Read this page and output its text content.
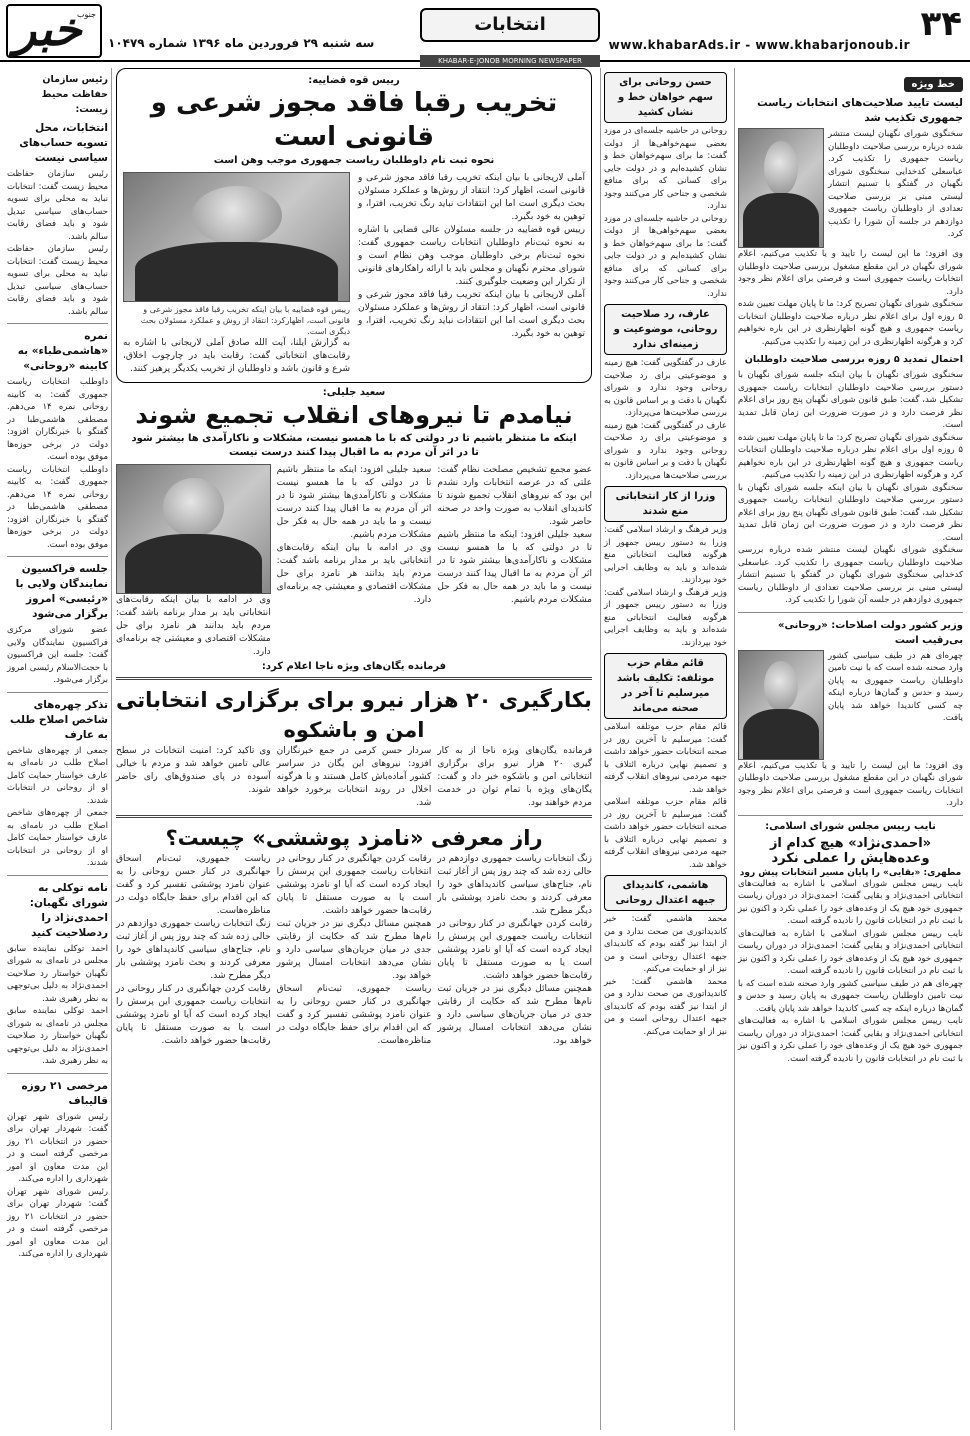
خبر
جنوب
سه شنبه ۲۹ فروردین ماه ۱۳۹۶ شماره ۱۰۴۷۹
انتخابات
KHABAR-E-JONOB MORNING NEWSPAPER
www.khabarAds.ir - www.khabarjonoub.ir
۳۴
خط ویژه
لیست تایید صلاحیت‌های انتخابات ریاست جمهوری تکذیب شد
سخنگوی شورای نگهبان لیست منتشر شده درباره بررسی صلاحیت داوطلبان ریاست جمهوری را تکذیب کرد. عباسعلی کدخدایی سخنگوی شورای نگهبان در گفتگو با تسنیم انتشار لیستی مبنی بر بررسی صلاحیت تعدادی از داوطلبان ریاست جمهوری دوازدهم در جلسه آن شورا را تکذیب کرد.
وی افزود: ما این لیست را تایید و یا تکذیب می‌کنیم، اعلام شورای نگهبان در این مقطع مشغول بررسی صلاحیت داوطلبان انتخابات ریاست جمهوری است و فرصتی برای اعلام نظر وجود دارد.
سخنگوی شورای نگهبان تصریح کرد: ما تا پایان مهلت تعیین شده ۵ روزه اول برای اعلام نظر درباره صلاحیت داوطلبان انتخابات ریاست جمهوری و هیچ گونه اظهارنظری در این باره نخواهیم کرد و هرگونه اظهارنظری در این زمینه را تکذیب می‌کنیم.
احتمال تمدید ۵ روزه بررسی صلاحیت داوطلبان
سخنگوی شورای نگهبان با بیان اینکه جلسه شورای نگهبان با دستور بررسی صلاحیت داوطلبان انتخابات ریاست جمهوری تشکیل شد، گفت: طبق قانون شورای نگهبان پنج روز برای اعلام نظر فرصت دارد و در صورت ضرورت این زمان قابل تمدید است.
سخنگوی شورای نگهبان تصریح کرد: ما تا پایان مهلت تعیین شده ۵ روزه اول برای اعلام نظر درباره صلاحیت داوطلبان انتخابات ریاست جمهوری و هیچ گونه اظهارنظری در این باره نخواهیم کرد و هرگونه اظهارنظری در این زمینه را تکذیب می‌کنیم.
سخنگوی شورای نگهبان با بیان اینکه جلسه شورای نگهبان با دستور بررسی صلاحیت داوطلبان انتخابات ریاست جمهوری تشکیل شد، گفت: طبق قانون شورای نگهبان پنج روز برای اعلام نظر فرصت دارد و در صورت ضرورت این زمان قابل تمدید است.
سخنگوی شورای نگهبان لیست منتشر شده درباره بررسی صلاحیت داوطلبان ریاست جمهوری را تکذیب کرد. عباسعلی کدخدایی سخنگوی شورای نگهبان در گفتگو با تسنیم انتشار لیستی مبنی بر بررسی صلاحیت تعدادی از داوطلبان ریاست جمهوری دوازدهم در جلسه آن شورا را تکذیب کرد.
وزیر کشور دولت اصلاحات: «روحانی» بی‌رقیب است
چهره‌ای هم در طیف سیاسی کشور وارد صحنه شده است که با نیت تامین داوطلبان ریاست جمهوری به پایان رسید و حدس و گمان‌ها درباره اینکه چه کسی کاندیدا خواهد شد پایان یافت.
وی افزود: ما این لیست را تایید و یا تکذیب می‌کنیم، اعلام شورای نگهبان در این مقطع مشغول بررسی صلاحیت داوطلبان انتخابات ریاست جمهوری است و فرصتی برای اعلام نظر وجود دارد.
نایب رییس مجلس شورای اسلامی:
«احمدی‌نژاد» هیچ کدام از وعده‌هایش را عملی نکرد
مطهری: «بقایی» را پایان مسیر انتخابات پیش رود
نایب رییس مجلس شورای اسلامی با اشاره به فعالیت‌های انتخاباتی احمدی‌نژاد و بقایی گفت: احمدی‌نژاد در دوران ریاست جمهوری خود هیچ یک از وعده‌های خود را عملی نکرد و اکنون نیز با ثبت نام در انتخابات قانون را نادیده گرفته است.
نایب رییس مجلس شورای اسلامی با اشاره به فعالیت‌های انتخاباتی احمدی‌نژاد و بقایی گفت: احمدی‌نژاد در دوران ریاست جمهوری خود هیچ یک از وعده‌های خود را عملی نکرد و اکنون نیز با ثبت نام در انتخابات قانون را نادیده گرفته است.
چهره‌ای هم در طیف سیاسی کشور وارد صحنه شده است که با نیت تامین داوطلبان ریاست جمهوری به پایان رسید و حدس و گمان‌ها درباره اینکه چه کسی کاندیدا خواهد شد پایان یافت.
نایب رییس مجلس شورای اسلامی با اشاره به فعالیت‌های انتخاباتی احمدی‌نژاد و بقایی گفت: احمدی‌نژاد در دوران ریاست جمهوری خود هیچ یک از وعده‌های خود را عملی نکرد و اکنون نیز با ثبت نام در انتخابات قانون را نادیده گرفته است.
حسن روحانی برای سهم خواهان خط و نشان کشید
روحانی در حاشیه جلسه‌ای در مورد بعضی سهم‌خواهی‌ها از دولت گفت: ما برای سهم‌خواهان خط و نشان کشیده‌ایم و در دولت جایی برای کسانی که برای منافع شخصی و جناحی کار می‌کنند وجود ندارد.
روحانی در حاشیه جلسه‌ای در مورد بعضی سهم‌خواهی‌ها از دولت گفت: ما برای سهم‌خواهان خط و نشان کشیده‌ایم و در دولت جایی برای کسانی که برای منافع شخصی و جناحی کار می‌کنند وجود ندارد.
عارف، رد صلاحیت روحانی، موضوعیت و زمینه‌ای ندارد
عارف در گفتگویی گفت: هیچ زمینه و موضوعیتی برای رد صلاحیت روحانی وجود ندارد و شورای نگهبان با دقت و بر اساس قانون به بررسی صلاحیت‌ها می‌پردازد.
عارف در گفتگویی گفت: هیچ زمینه و موضوعیتی برای رد صلاحیت روحانی وجود ندارد و شورای نگهبان با دقت و بر اساس قانون به بررسی صلاحیت‌ها می‌پردازد.
وزرا از کار انتخاباتی منع شدند
وزیر فرهنگ و ارشاد اسلامی گفت: وزرا به دستور رییس جمهور از هرگونه فعالیت انتخاباتی منع شده‌اند و باید به وظایف اجرایی خود بپردازند.
وزیر فرهنگ و ارشاد اسلامی گفت: وزرا به دستور رییس جمهور از هرگونه فعالیت انتخاباتی منع شده‌اند و باید به وظایف اجرایی خود بپردازند.
قائم مقام حزب موتلفه: تکلیف باشد میرسلیم تا آخر در صحنه می‌ماند
قائم مقام حزب موتلفه اسلامی گفت: میرسلیم تا آخرین روز در صحنه انتخابات حضور خواهد داشت و تصمیم نهایی درباره ائتلاف با جبهه مردمی نیروهای انقلاب گرفته خواهد شد.
قائم مقام حزب موتلفه اسلامی گفت: میرسلیم تا آخرین روز در صحنه انتخابات حضور خواهد داشت و تصمیم نهایی درباره ائتلاف با جبهه مردمی نیروهای انقلاب گرفته خواهد شد.
هاشمی، کاندیدای جبهه اعتدال روحانی
محمد هاشمی گفت: خبر کاندیداتوری من صحت ندارد و من از ابتدا نیز گفته بودم که کاندیدای جبهه اعتدال روحانی است و من نیز از او حمایت می‌کنم.
محمد هاشمی گفت: خبر کاندیداتوری من صحت ندارد و من از ابتدا نیز گفته بودم که کاندیدای جبهه اعتدال روحانی است و من نیز از او حمایت می‌کنم.
رییس قوه قضاییه:
تخریب رقبا فاقد مجوز شرعی و قانونی است
نحوه ثبت نام داوطلبان ریاست جمهوری موجب وهن است
آملی لاریجانی با بیان اینکه تخریب رقبا فاقد مجوز شرعی و قانونی است، اظهار کرد: انتقاد از روش‌ها و عملکرد مسئولان بحث دیگری است اما این انتقادات نباید رنگ تخریب، افترا، و توهین به خود بگیرد.
رییس قوه قضاییه در جلسه مسئولان عالی قضایی با اشاره به نحوه ثبت‌نام داوطلبان انتخابات ریاست جمهوری گفت: نحوه ثبت‌نام برخی داوطلبان موجب وهن نظام است و شورای محترم نگهبان و مجلس باید با ارائه راهکارهای قانونی از تکرار این وضعیت جلوگیری کنند.
آملی لاریجانی با بیان اینکه تخریب رقبا فاقد مجوز شرعی و قانونی است، اظهار کرد: انتقاد از روش‌ها و عملکرد مسئولان بحث دیگری است اما این انتقادات نباید رنگ تخریب، افترا، و توهین به خود بگیرد.
رییس قوه قضاییه با بیان اینکه تخریب رقبا فاقد مجوز شرعی و قانونی است، اظهارکرد: انتقاد از روش و عملکرد مسئولان بحث دیگری است.
به گزارش ایلنا، آیت الله صادق آملی لاریجانی با اشاره به رقابت‌های انتخاباتی گفت: رقابت باید در چارچوب اخلاق، شرع و قانون باشد و داوطلبان از تخریب یکدیگر پرهیز کنند.
سعید جلیلی:
نیامدم تا نیروهای انقلاب تجمیع شوند
اینکه ما منتظر باشیم تا در دولتی که با ما همسو نیست، مشکلات و ناکارآمدی ها بیشتر شود
تا در اثر آن مردم به ما اقبال پیدا کنند درست نیست
عضو مجمع تشخیص مصلحت نظام گفت: علتی که در عرصه انتخابات وارد نشدم این بود که نیروهای انقلاب تجمیع شوند تا کاندیدای انقلاب به صورت واحد در صحنه حاضر شود.
سعید جلیلی افزود: اینکه ما منتظر باشیم تا در دولتی که با ما همسو نیست مشکلات و ناکارآمدی‌ها بیشتر شود تا در اثر آن مردم به ما اقبال پیدا کنند درست نیست و ما باید در همه حال به فکر حل مشکلات مردم باشیم.
سعید جلیلی افزود: اینکه ما منتظر باشیم تا در دولتی که با ما همسو نیست مشکلات و ناکارآمدی‌ها بیشتر شود تا در اثر آن مردم به ما اقبال پیدا کنند درست نیست و ما باید در همه حال به فکر حل مشکلات مردم باشیم.
وی در ادامه با بیان اینکه رقابت‌های انتخاباتی باید بر مدار برنامه باشد گفت: مردم باید بدانند هر نامزد برای حل مشکلات اقتصادی و معیشتی چه برنامه‌ای دارد.
وی در ادامه با بیان اینکه رقابت‌های انتخاباتی باید بر مدار برنامه باشد گفت: مردم باید بدانند هر نامزد برای حل مشکلات اقتصادی و معیشتی چه برنامه‌ای دارد.
فرمانده یگان‌های ویژه ناجا اعلام کرد:
بکارگیری ۲۰ هزار نیرو برای برگزاری انتخاباتی امن و باشکوه
فرمانده یگان‌های ویژه ناجا از به کار گیری ۲۰ هزار نیرو برای برگزاری انتخاباتی امن و باشکوه خبر داد و گفت: یگان‌های ویژه با تمام توان در خدمت مردم خواهند بود.
سردار حسن کرمی در جمع خبرنگاران افزود: نیروهای این یگان در سراسر کشور آماده‌باش کامل هستند و با هرگونه اخلال در روند انتخابات برخورد خواهد شد.
وی تاکید کرد: امنیت انتخابات در سطح عالی تامین خواهد شد و مردم با خیالی آسوده در پای صندوق‌های رای حاضر شوند.
راز معرفی «نامزد پوششی» چیست؟
زنگ انتخابات ریاست جمهوری دوازدهم در حالی زده شد که چند روز پس از آغاز ثبت نام، جناح‌های سیاسی کاندیداهای خود را معرفی کردند و بحث نامزد پوششی بار دیگر مطرح شد.
رقابت کردن جهانگیری در کنار روحانی در انتخابات ریاست جمهوری این پرسش را ایجاد کرده است که آیا او نامزد پوششی است یا به صورت مستقل تا پایان رقابت‌ها حضور خواهد داشت.
همچنین مسائل دیگری نیز در جریان ثبت نام‌ها مطرح شد که حکایت از رقابتی جدی در میان جریان‌های سیاسی دارد و نشان می‌دهد انتخابات امسال پرشور خواهد بود.
رقابت کردن جهانگیری در کنار روحانی در انتخابات ریاست جمهوری این پرسش را ایجاد کرده است که آیا او نامزد پوششی است یا به صورت مستقل تا پایان رقابت‌ها حضور خواهد داشت.
همچنین مسائل دیگری نیز در جریان ثبت نام‌ها مطرح شد که حکایت از رقابتی جدی در میان جریان‌های سیاسی دارد و نشان می‌دهد انتخابات امسال پرشور خواهد بود.
ریاست جمهوری، ثبت‌نام اسحاق جهانگیری در کنار حسن روحانی را به عنوان نامزد پوششی تفسیر کرد و گفت که این اقدام برای حفظ جایگاه دولت در مناظره‌هاست.
ریاست جمهوری، ثبت‌نام اسحاق جهانگیری در کنار حسن روحانی را به عنوان نامزد پوششی تفسیر کرد و گفت که این اقدام برای حفظ جایگاه دولت در مناظره‌هاست.
زنگ انتخابات ریاست جمهوری دوازدهم در حالی زده شد که چند روز پس از آغاز ثبت نام، جناح‌های سیاسی کاندیداهای خود را معرفی کردند و بحث نامزد پوششی بار دیگر مطرح شد.
رقابت کردن جهانگیری در کنار روحانی در انتخابات ریاست جمهوری این پرسش را ایجاد کرده است که آیا او نامزد پوششی است یا به صورت مستقل تا پایان رقابت‌ها حضور خواهد داشت.
رئیس سازمان حفاظت محیط زیست:
انتخابات، محل تسویه حساب‌های سیاسی نیست
رئیس سازمان حفاظت محیط زیست گفت: انتخابات نباید به محلی برای تسویه حساب‌های سیاسی تبدیل شود و باید فضای رقابت سالم باشد.
رئیس سازمان حفاظت محیط زیست گفت: انتخابات نباید به محلی برای تسویه حساب‌های سیاسی تبدیل شود و باید فضای رقابت سالم باشد.
نمره «هاشمی‌طباء» به کابینه «روحانی»
داوطلب انتخابات ریاست جمهوری گفت: به کابینه روحانی نمره ۱۴ می‌دهم. مصطفی هاشمی‌طبا در گفتگو با خبرنگاران افزود: دولت در برخی حوزه‌ها موفق بوده است.
داوطلب انتخابات ریاست جمهوری گفت: به کابینه روحانی نمره ۱۴ می‌دهم. مصطفی هاشمی‌طبا در گفتگو با خبرنگاران افزود: دولت در برخی حوزه‌ها موفق بوده است.
جلسه فراکسیون نمایندگان ولایی با «رئیسی» امروز برگزار می‌شود
عضو شورای مرکزی فراکسیون نمایندگان ولایی گفت: جلسه این فراکسیون با حجت‌الاسلام رئیسی امروز برگزار می‌شود.
تذکر چهره‌های شاخص اصلاح طلب به عارف
جمعی از چهره‌های شاخص اصلاح طلب در نامه‌ای به عارف خواستار حمایت کامل او از روحانی در انتخابات شدند.
جمعی از چهره‌های شاخص اصلاح طلب در نامه‌ای به عارف خواستار حمایت کامل او از روحانی در انتخابات شدند.
نامه توکلی به شورای نگهبان: احمدی‌نژاد را ردصلاحیت کنید
احمد توکلی نماینده سابق مجلس در نامه‌ای به شورای نگهبان خواستار رد صلاحیت احمدی‌نژاد به دلیل بی‌توجهی به نظر رهبری شد.
احمد توکلی نماینده سابق مجلس در نامه‌ای به شورای نگهبان خواستار رد صلاحیت احمدی‌نژاد به دلیل بی‌توجهی به نظر رهبری شد.
مرخصی ۲۱ روزه قالیباف
رئیس شورای شهر تهران گفت: شهردار تهران برای حضور در انتخابات ۲۱ روز مرخصی گرفته است و در این مدت معاون او امور شهرداری را اداره می‌کند.
رئیس شورای شهر تهران گفت: شهردار تهران برای حضور در انتخابات ۲۱ روز مرخصی گرفته است و در این مدت معاون او امور شهرداری را اداره می‌کند.
